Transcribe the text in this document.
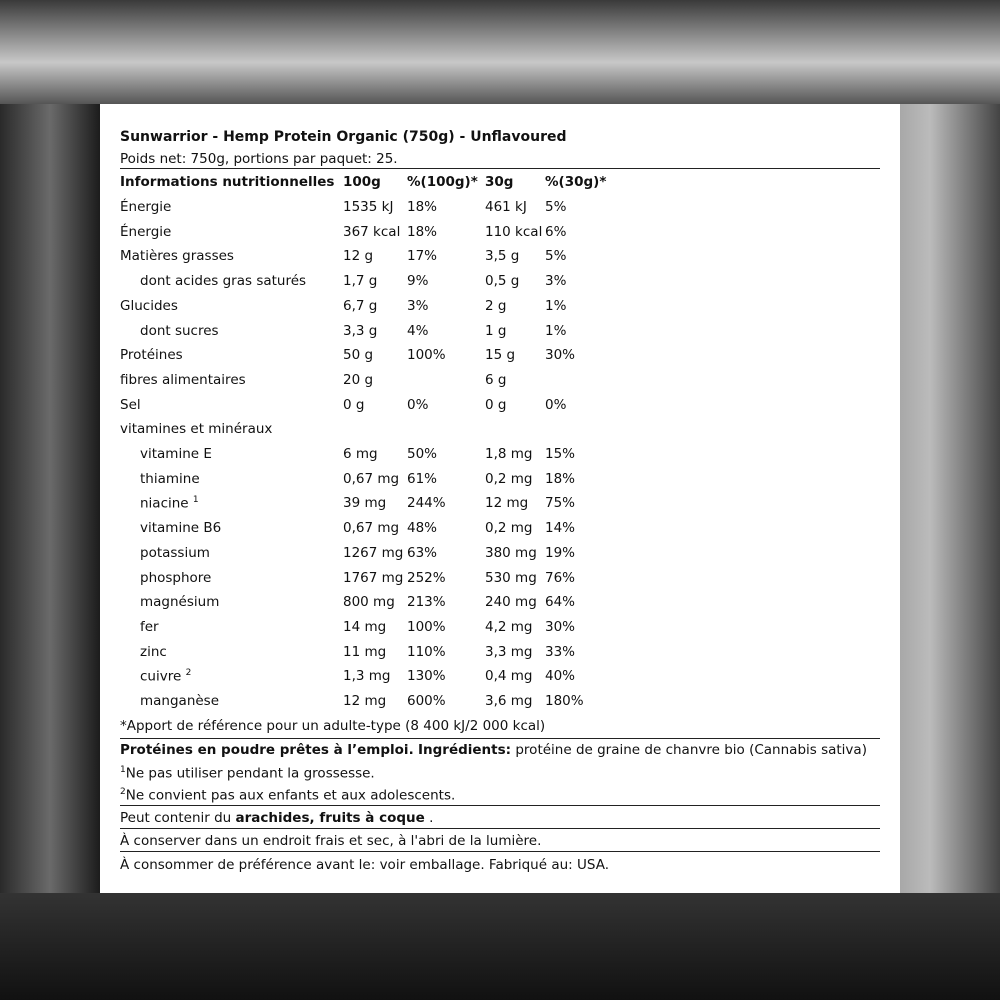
Sunwarrior - Hemp Protein Organic (750g) - Unflavoured
Poids net: 750g, portions par paquet: 25.
Informations nutritionnelles 100g %(100g)* 30g %(30g)*
Énergie	1535 kJ 18%	461 kJ 5%
Énergie	367 kcal 18%	110 kcal 6%
Matières grasses	12 g	17%	3,5 g 5%
dont acides gras saturés	1,7 g 9%	0,5 g 3%
Glucides	6,7 g 3%	2 g	1%
dont sucres	3,3 g 4%	1 g	1%
Protéines	50 g	100%	15 g 30%
fibres alimentaires	20 g	6 g
Sel	0 g	0%	0 g	0%
vitamines et minéraux
vitamine E	6 mg 50%	1,8 mg 15%
thiamine	0,67 mg 61%	0,2 mg 18%
niacine $^1$	39 mg 244%	12 mg 75%
vitamine B6	0,67 mg 48%	0,2 mg 14%
potassium	1267 mg 63%	380 mg 19%
phosphore	1767 mg 252%	530 mg 76%
magnésium	800 mg 213%	240 mg 64%
fer	14 mg 100%	4,2 mg 30%
zinc	11 mg 110%	3,3 mg 33%
cuivre $^2$	1,3 mg 130%	0,4 mg 40%
manganèse	12 mg 600%	3,6 mg 180%
*Apport de référence pour un adulte-type (8 400 kJ/2 000 kcal)
Protéines en poudre prêtes à l’emploi. Ingrédients: protéine de graine de chanvre bio (Cannabis sativa)
$^1$Ne pas utiliser pendant la grossesse.
$^2$Ne convient pas aux enfants et aux adolescents.
Peut contenir du arachides, fruits à coque .
À conserver dans un endroit frais et sec, à l'abri de la lumière.
À consommer de préférence avant le: voir emballage. Fabriqué au: USA.
